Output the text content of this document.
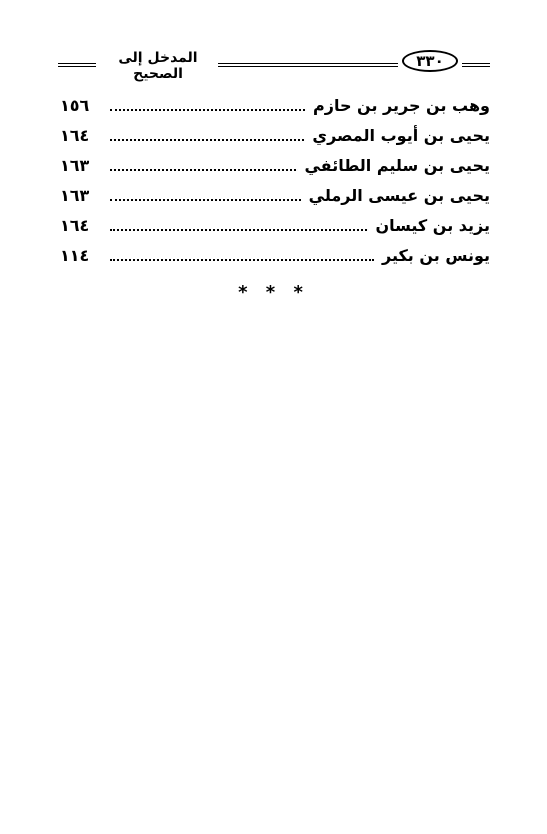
المدخل إلى الصحيح
٣٣٠
١٥٦	وهب بن جرير بن حازم
١٦٤	يحيى بن أيوب المصري
١٦٣	يحيى بن سليم الطائفي
١٦٣	يحيى بن عيسى الرملي
١٦٤	يزيد بن كيسان
١١٤	يونس بن بكير
* * *
